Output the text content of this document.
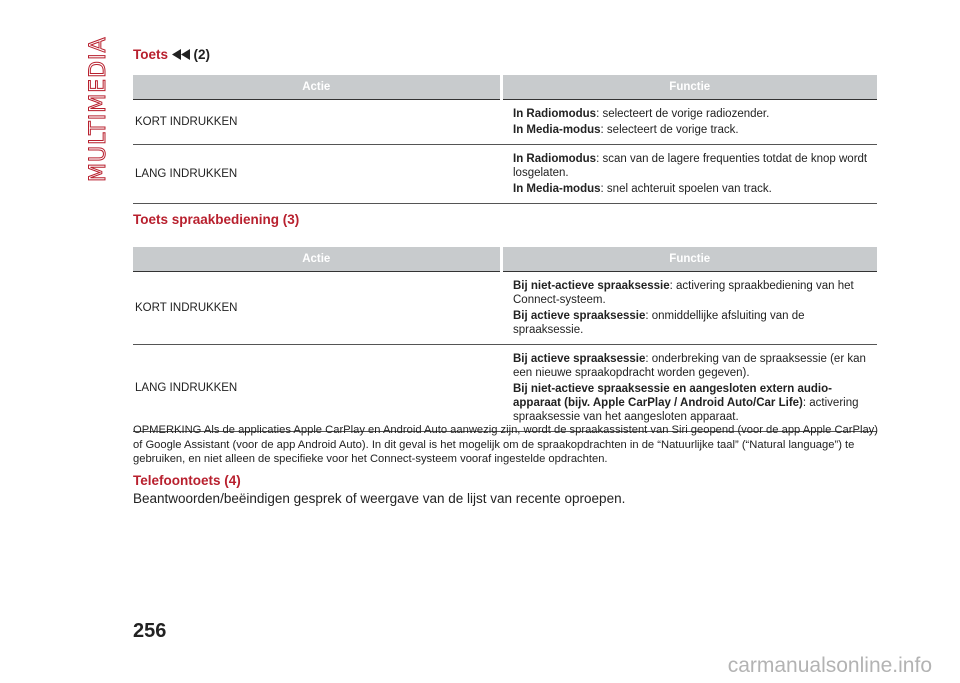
MULTIMEDIA Toets (2)
Actie	Functie
KORT INDRUKKEN	In Radiomodus: selecteert de vorige radiozender.
In Media-modus: selecteert de vorige track.

LANG INDRUKKEN	In Radiomodus: scan van de lagere frequenties totdat de knop wordt losgelaten.
In Media-modus: snel achteruit spoelen van track.
Toets spraakbediening (3)
Actie	Functie
KORT INDRUKKEN	Bij niet-actieve spraaksessie: activering spraakbediening van het Connect-systeem.
Bij actieve spraaksessie: onmiddellijke afsluiting van de spraaksessie.

LANG INDRUKKEN	Bij actieve spraaksessie: onderbreking van de spraaksessie (er kan een nieuwe spraakopdracht worden gegeven).
Bij niet-actieve spraaksessie en aangesloten extern audio-apparaat (bijv. Apple CarPlay / Android Auto/Car Life): activering spraaksessie van het aangesloten apparaat.
OPMERKING Als de applicaties Apple CarPlay en Android Auto aanwezig zijn, wordt de spraakassistent van Siri geopend (voor de app Apple CarPlay) of Google Assistant (voor de app Android Auto). In dit geval is het mogelijk om de spraakopdrachten in de “Natuurlijke taal” (“Natural language”) te gebruiken, en niet alleen de specifieke voor het Connect-systeem vooraf ingestelde opdrachten.
Telefoontoets (4)
Beantwoorden/beëindigen gesprek of weergave van de lijst van recente oproepen.
256
carmanualsonline.info
